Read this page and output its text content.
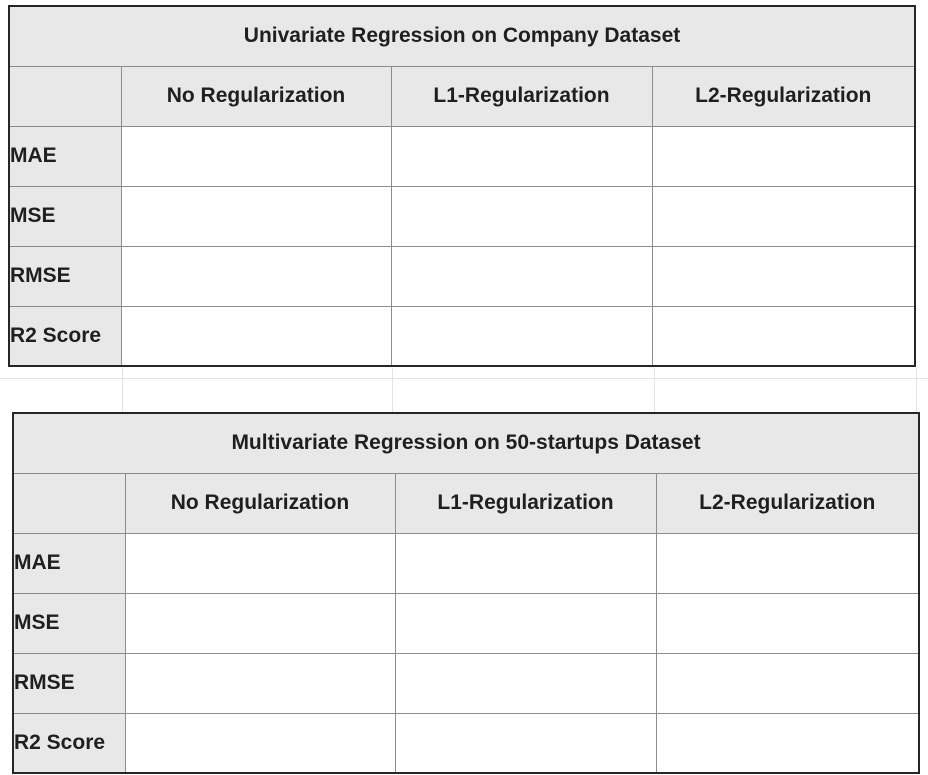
Univariate Regression on Company Dataset			
	No Regularization	L1-Regularization	L2-Regularization
MAE			
MSE			
RMSE			
R2 Score			
Multivariate Regression on 50-startups Dataset			
	No Regularization	L1-Regularization	L2-Regularization
MAE			
MSE			
RMSE			
R2 Score			
